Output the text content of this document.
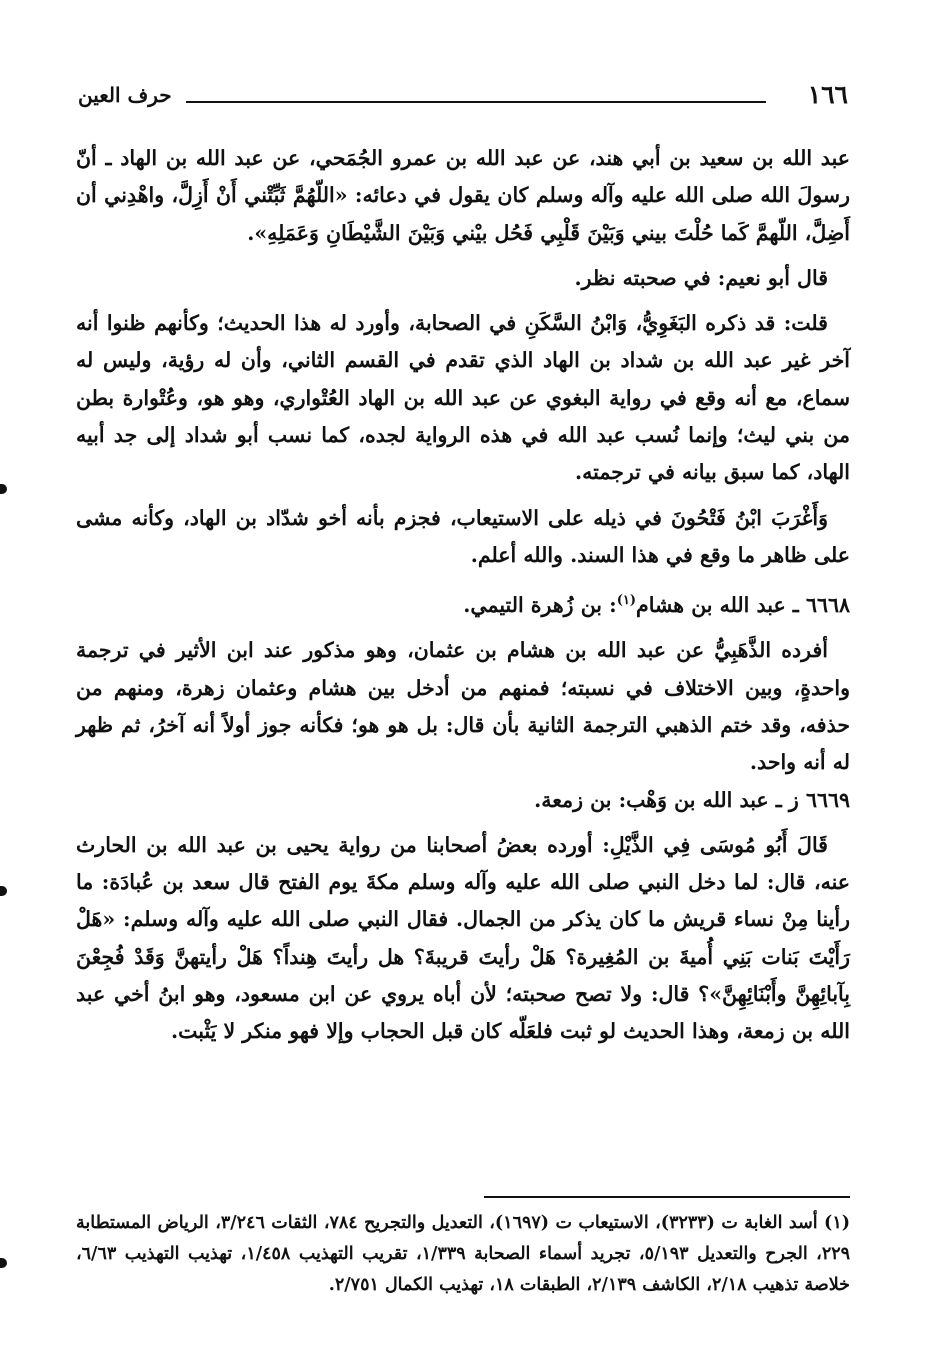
١٦٦
حرف العين

عبد الله بن سعيد بن أبي هند، عن عبد الله بن عمرو الجُمَحي، عن عبد الله بن الهاد ـ أنّ رسولَ الله صلى الله عليه وآله وسلم كان يقول في دعائه: «اللّهُمَّ ثَبِّتْني أَنْ أَزِلَّ، واهْدِني أن أَضِلَّ، اللّهمَّ كَما حُلْتَ بيني وَبَيْنَ قَلْبِي فَحُل بيْني وَبَيْنَ الشَّيْطَانِ وَعَمَلِهِ».

قال أبو نعيم: في صحبته نظر.

قلت: قد ذكره البَغَوِيُّ، وَابْنُ السَّكَنِ في الصحابة، وأورد له هذا الحديث؛ وكأنهم ظنوا أنه آخر غير عبد الله بن شداد بن الهاد الذي تقدم في القسم الثاني، وأن له رؤية، وليس له سماع، مع أنه وقع في رواية البغوي عن عبد الله بن الهاد العُتْواري، وهو هو، وعُتْوارة بطن من بني ليث؛ وإنما نُسب عبد الله في هذه الرواية لجده، كما نسب أبو شداد إلى جد أبيه الهاد، كما سبق بيانه في ترجمته.

وَأَغْرَبَ ابْنُ فَتْحُونَ في ذيله على الاستيعاب، فجزم بأنه أخو شدّاد بن الهاد، وكأنه مشى على ظاهر ما وقع في هذا السند. والله أعلم.

٦٦٦٨ ـ عبد الله بن هشام$^{(١)}$: بن زُهرة التيمي.

أفرده الذَّهَبِيُّ عن عبد الله بن هشام بن عثمان، وهو مذكور عند ابن الأثير في ترجمة واحدةٍ، وبين الاختلاف في نسبته؛ فمنهم من أدخل بين هشام وعثمان زهرة، ومنهم من حذفه، وقد ختم الذهبي الترجمة الثانية بأن قال: بل هو هو؛ فكأنه جوز أولاً أنه آخرُ، ثم ظهر له أنه واحد.

٦٦٦٩ ز ـ عبد الله بن وَهْب: بن زمعة.

قَالَ أَبُو مُوسَى فِي الذَّيْلِ: أورده بعضُ أصحابنا من رواية يحيى بن عبد الله بن الحارث عنه، قال: لما دخل النبي صلى الله عليه وآله وسلم مكةَ يوم الفتح قال سعد بن عُبادَة: ما رأينا مِنْ نساء قريش ما كان يذكر من الجمال. فقال النبي صلى الله عليه وآله وسلم: «هَلْ رَأَيْتَ بَنات بَنِي أُميةَ بن المُغِيرة؟ هَلْ رأيتَ قريبةَ؟ هل رأيتَ هِنداً؟ هَلْ رأيتهنَّ وَقَدْ فُجِعْنَ بِآبائِهِنَّ وأَبْنَائِهِنَّ»؟ قال: ولا تصح صحبته؛ لأن أباه يروي عن ابن مسعود، وهو ابنُ أخي عبد الله بن زمعة، وهذا الحديث لو ثبت فلعَلّه كان قبل الحجاب وإلا فهو منكر لا يَثْبت.

(١) أسد الغابة ت (٣٢٣٣)، الاستيعاب ت (١٦٩٧)، التعديل والتجريح ٧٨٤، الثقات ٣/٢٤٦، الرياض المستطابة ٢٢٩، الجرح والتعديل ٥/١٩٣، تجريد أسماء الصحابة ١/٣٣٩، تقريب التهذيب ١/٤٥٨، تهذيب التهذيب ٦/٦٣، خلاصة تذهيب ٢/١٨، الكاشف ٢/١٣٩، الطبقات ١٨، تهذيب الكمال ٢/٧٥١.
